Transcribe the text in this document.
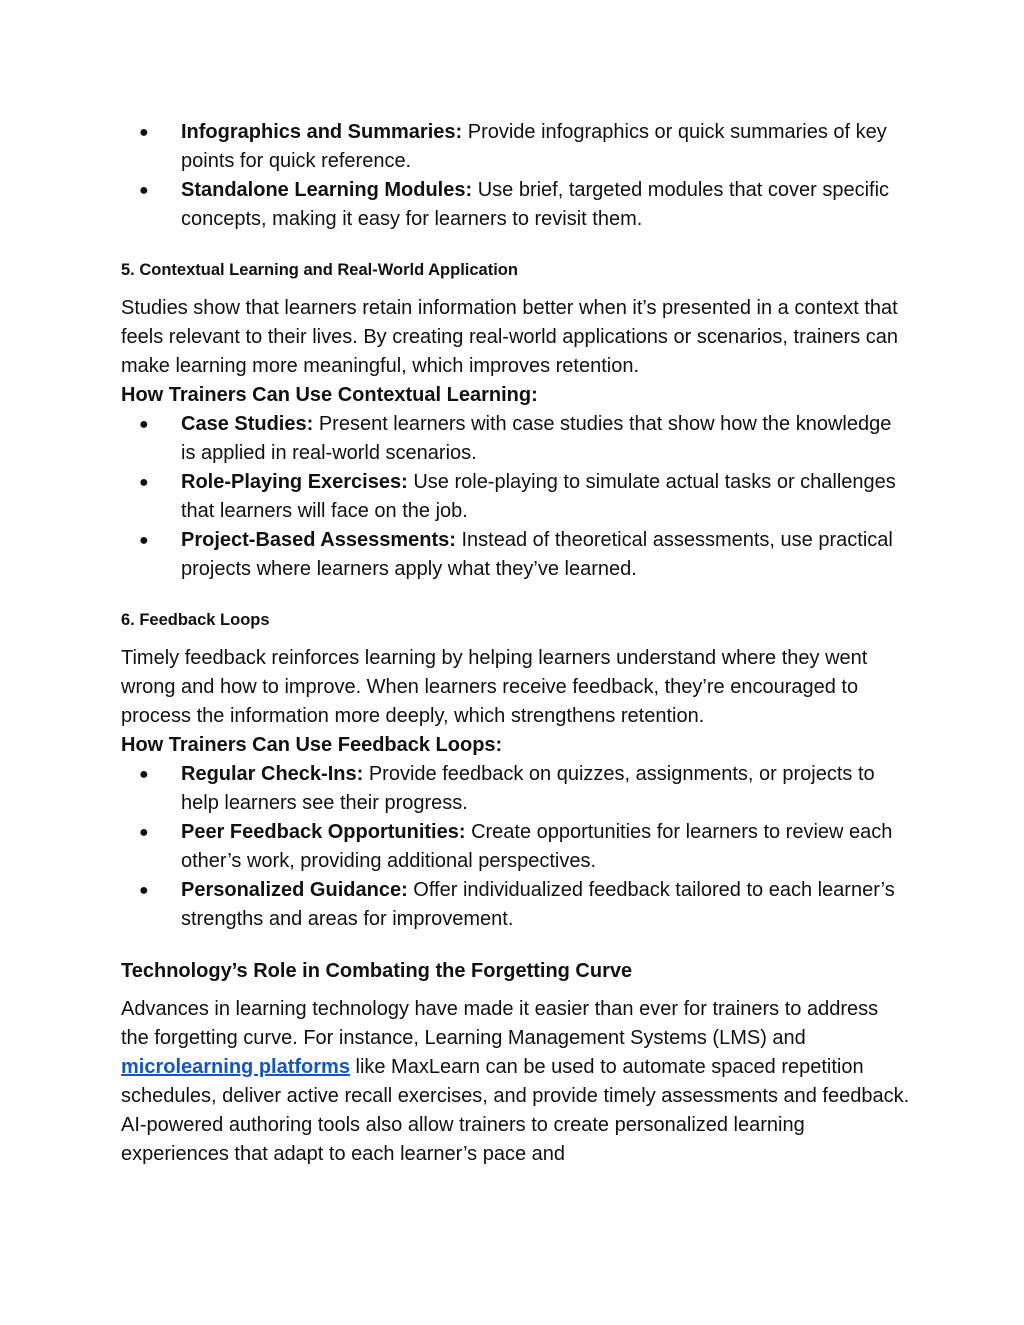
● Infographics and Summaries: Provide infographics or quick summaries of key points for quick reference.
● Standalone Learning Modules: Use brief, targeted modules that cover specific concepts, making it easy for learners to revisit them.
5. Contextual Learning and Real-World Application

Studies show that learners retain information better when it’s presented in a context that feels relevant to their lives. By creating real-world applications or scenarios, trainers can make learning more meaningful, which improves retention.

How Trainers Can Use Contextual Learning:

● Case Studies: Present learners with case studies that show how the knowledge is applied in real-world scenarios.
● Role-Playing Exercises: Use role-playing to simulate actual tasks or challenges that learners will face on the job.
● Project-Based Assessments: Instead of theoretical assessments, use practical projects where learners apply what they’ve learned.
6. Feedback Loops

Timely feedback reinforces learning by helping learners understand where they went wrong and how to improve. When learners receive feedback, they’re encouraged to process the information more deeply, which strengthens retention.

How Trainers Can Use Feedback Loops:

● Regular Check-Ins: Provide feedback on quizzes, assignments, or projects to help learners see their progress.
● Peer Feedback Opportunities: Create opportunities for learners to review each other’s work, providing additional perspectives.
● Personalized Guidance: Offer individualized feedback tailored to each learner’s strengths and areas for improvement.
Technology’s Role in Combating the Forgetting Curve

Advances in learning technology have made it easier than ever for trainers to address the forgetting curve. For instance, Learning Management Systems (LMS) and microlearning platforms like MaxLearn can be used to automate spaced repetition schedules, deliver active recall exercises, and provide timely assessments and feedback. AI-powered authoring tools also allow trainers to create personalized learning experiences that adapt to each learner’s pace and
